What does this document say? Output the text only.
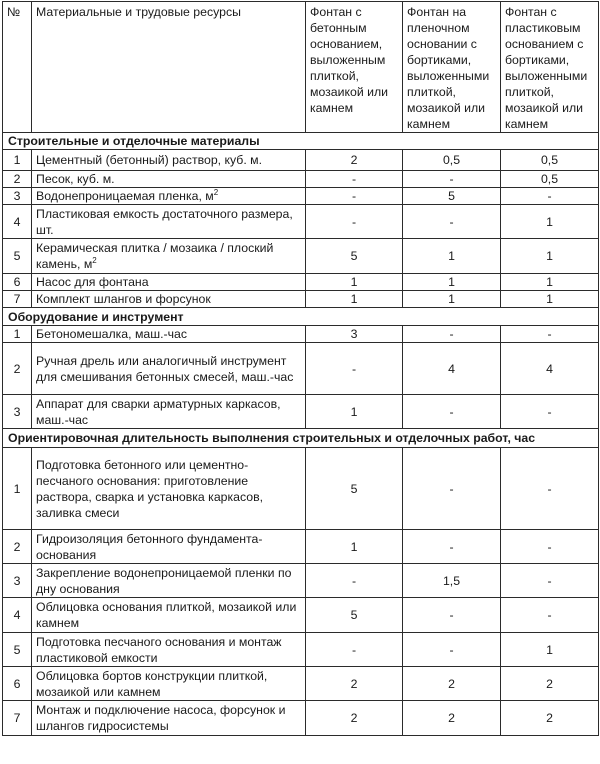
№	Материальные и трудовые ресурсы	Фонтан с бетонным основанием, выложенным плиткой, мозаикой или камнем	Фонтан на пленочном основании с бортиками, выложенными плиткой, мозаикой или камнем	Фонтан с пластиковым основанием с бортиками, выложенными плиткой, мозаикой или камнем
Строительные и отделочные материалы				
1	Цементный (бетонный) раствор, куб. м.	2	0,5	0,5
2	Песок, куб. м.	-	-	0,5
3	Водонепроницаемая пленка, $м^2$	-	5	-
4	Пластиковая емкость достаточного размера, шт.	-	-	1
5	Керамическая плитка / мозаика / плоский камень, $м^2$	5	1	1
6	Насос для фонтана	1	1	1
7	Комплект шлангов и форсунок	1	1	1
Оборудование и инструмент				
1	Бетономешалка, маш.-час	3	-	-
2	Ручная дрель или аналогичный инструмент для смешивания бетонных смесей, маш.-час	-	4	4
3	Аппарат для сварки арматурных каркасов, маш.-час	1	-	-
Ориентировочная длительность выполнения строительных и отделочных работ, час				
1	Подготовка бетонного или цементно-песчаного основания: приготовление раствора, сварка и установка каркасов, заливка смеси	5	-	-
2	Гидроизоляция бетонного фундамента-основания	1	-	-
3	Закрепление водонепроницаемой пленки по дну основания	-	1,5	-
4	Облицовка основания плиткой, мозаикой или камнем	5	-	-
5	Подготовка песчаного основания и монтаж пластиковой емкости	-	-	1
6	Облицовка бортов конструкции плиткой, мозаикой или камнем	2	2	2
7	Монтаж и подключение насоса, форсунок и шлангов гидросистемы	2	2	2
